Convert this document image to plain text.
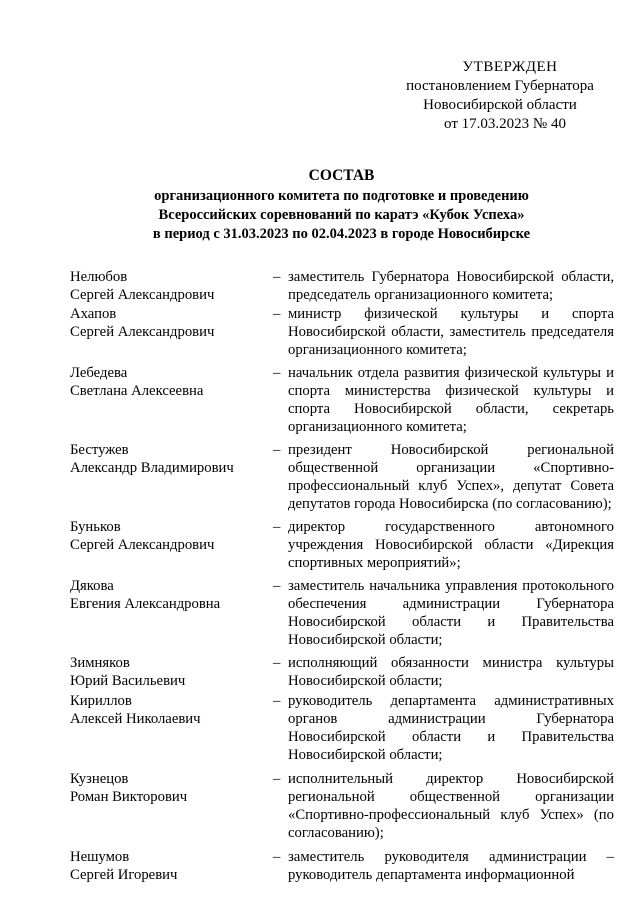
УТВЕРЖДЕН
постановлением Губернатора
Новосибирской области
от 17.03.2023 № 40
СОСТАВ
организационного комитета по подготовке и проведению
Всероссийских соревнований по каратэ «Кубок Успеха»
в период с 31.03.2023 по 02.04.2023 в городе Новосибирске
Нелюбов
Сергей Александрович
– заместитель Губернатора Новосибирской области, председатель организационного комитета;
Ахапов
Сергей Александрович
– министр физической культуры и спорта Новосибирской области, заместитель председателя организационного комитета;
Лебедева
Светлана Алексеевна
– начальник отдела развития физической культуры и спорта министерства физической культуры и спорта Новосибирской области, секретарь организационного комитета;
Бестужев
Александр Владимирович
– президент Новосибирской региональной общественной организации «Спортивно-профессиональный клуб Успех», депутат Совета депутатов города Новосибирска (по согласованию);
Буньков
Сергей Александрович
– директор государственного автономного учреждения Новосибирской области «Дирекция спортивных мероприятий»;
Дякова
Евгения Александровна
– заместитель начальника управления протокольного обеспечения администрации Губернатора Новосибирской области и Правительства Новосибирской области;
Зимняков
Юрий Васильевич
– исполняющий обязанности министра культуры Новосибирской области;
Кириллов
Алексей Николаевич
– руководитель департамента административных органов администрации Губернатора Новосибирской области и Правительства Новосибирской области;
Кузнецов
Роман Викторович
– исполнительный директор Новосибирской региональной общественной организации «Спортивно-профессиональный клуб Успех» (по согласованию);
Нешумов
Сергей Игоревич
– заместитель руководителя администрации – руководитель департамента информационной
